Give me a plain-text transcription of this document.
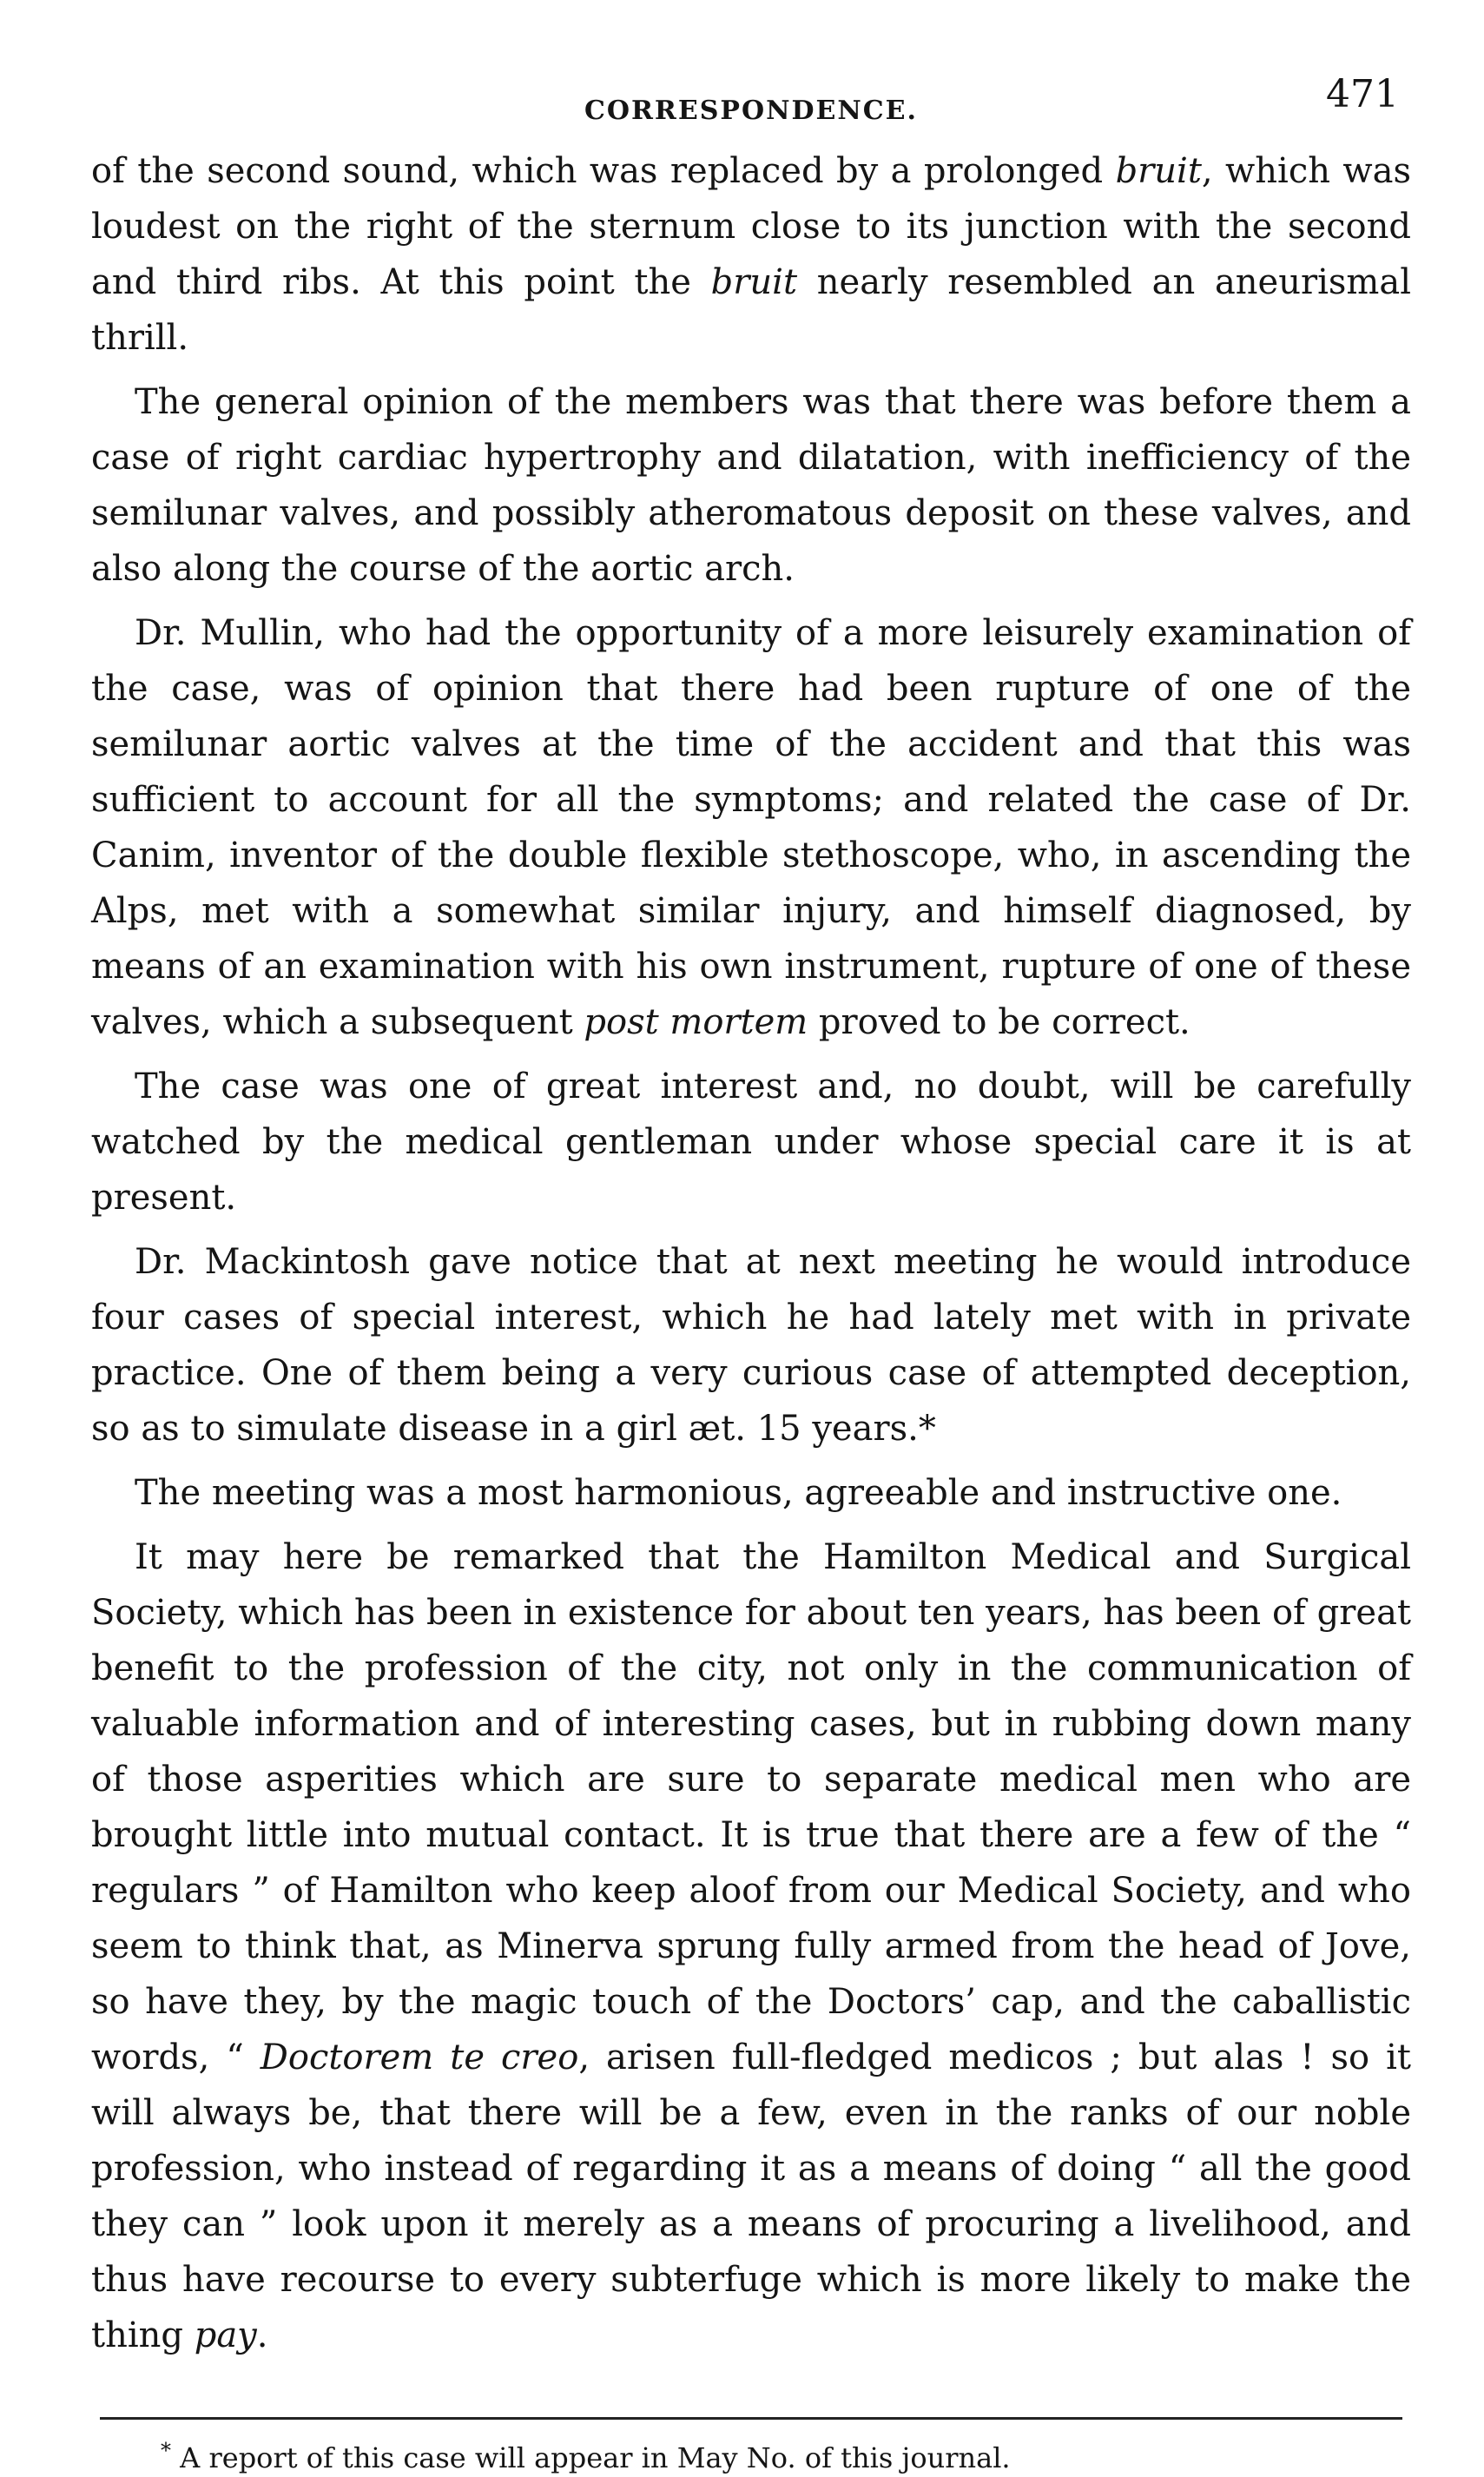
CORRESPONDENCE.	471

of the second sound, which was replaced by a prolonged bruit, which was loudest on the right of the sternum close to its junction with the second and third ribs. At this point the bruit nearly resembled an aneurismal thrill.

The general opinion of the members was that there was before them a case of right cardiac hypertrophy and dilatation, with inefficiency of the semilunar valves, and possibly atheromatous deposit on these valves, and also along the course of the aortic arch.

Dr. Mullin, who had the opportunity of a more leisurely examination of the case, was of opinion that there had been rupture of one of the semilunar aortic valves at the time of the accident and that this was sufficient to account for all the symptoms; and related the case of Dr. Canim, inventor of the double flexible stethoscope, who, in ascending the Alps, met with a somewhat similar injury, and himself diagnosed, by means of an examination with his own instrument, rupture of one of these valves, which a subsequent post mortem proved to be correct.

The case was one of great interest and, no doubt, will be carefully watched by the medical gentleman under whose special care it is at present.

Dr. Mackintosh gave notice that at next meeting he would introduce four cases of special interest, which he had lately met with in private practice. One of them being a very curious case of attempted deception, so as to simulate disease in a girl æt. 15 years.*

The meeting was a most harmonious, agreeable and instructive one.

It may here be remarked that the Hamilton Medical and Surgical Society, which has been in existence for about ten years, has been of great benefit to the profession of the city, not only in the communication of valuable information and of interesting cases, but in rubbing down many of those asperities which are sure to separate medical men who are brought little into mutual contact. It is true that there are a few of the “ regulars ” of Hamilton who keep aloof from our Medical Society, and who seem to think that, as Minerva sprung fully armed from the head of Jove, so have they, by the magic touch of the Doctors’ cap, and the caballistic words, “ Doctorem te creo, arisen full-fledged medicos ; but alas ! so it will always be, that there will be a few, even in the ranks of our noble profession, who instead of regarding it as a means of doing “ all the good they can ” look upon it merely as a means of procuring a livelihood, and thus have recourse to every subterfuge which is more likely to make the thing pay.

* A report of this case will appear in May No. of this journal.
